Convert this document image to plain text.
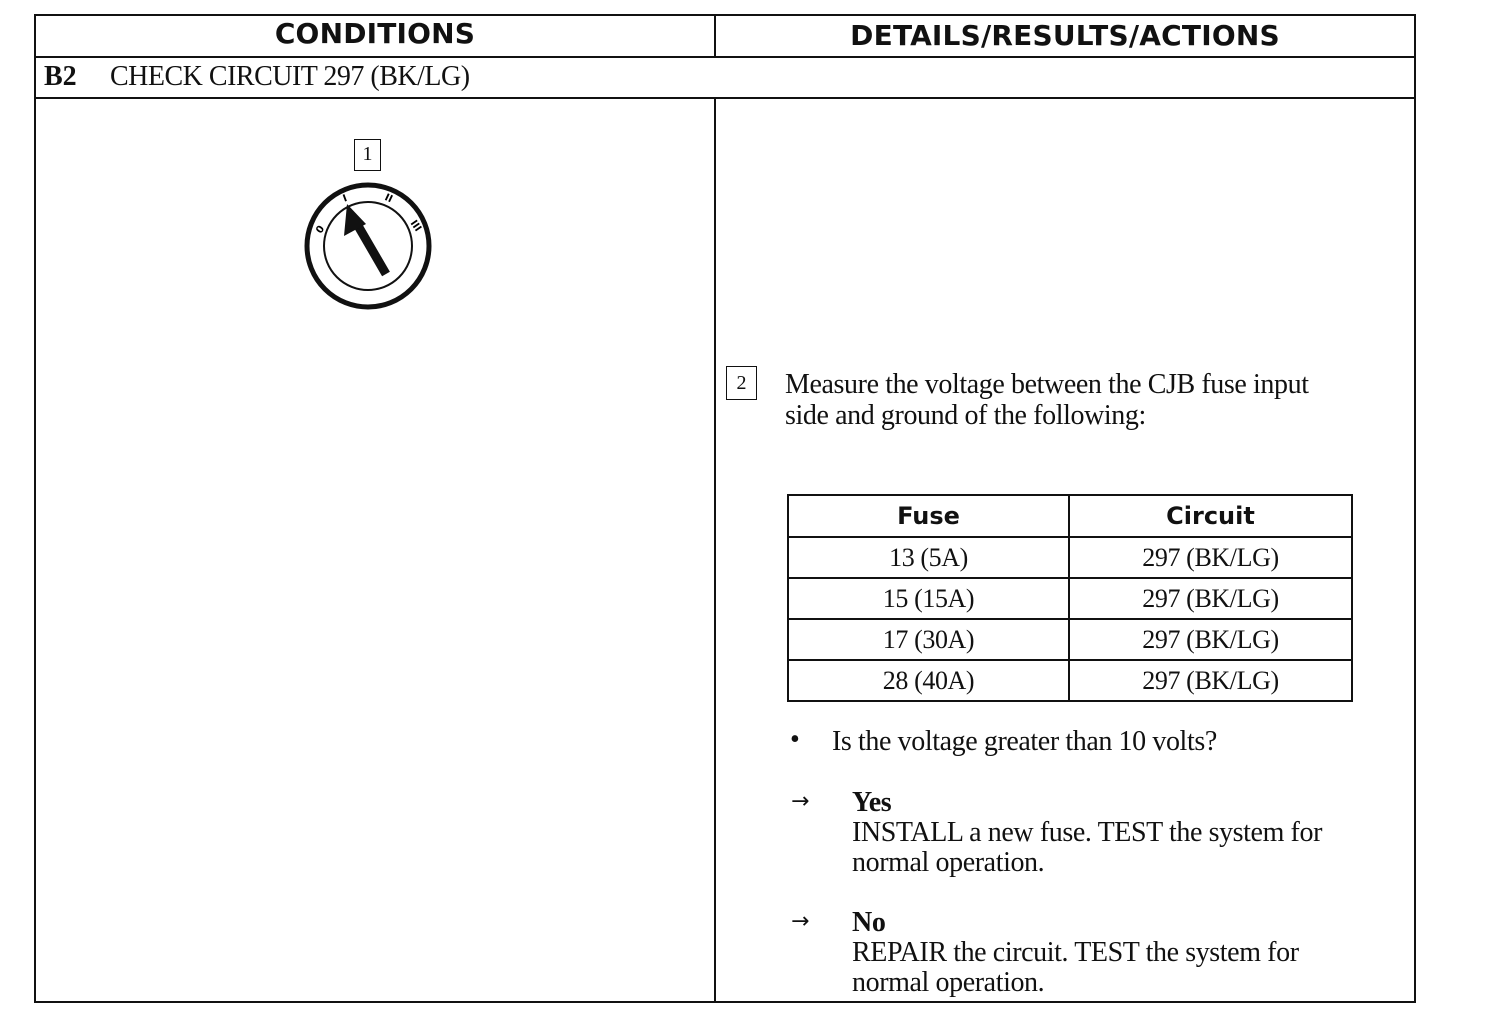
CONDITIONS	DETAILS/RESULTS/ACTIONS
B2 CHECK CIRCUIT 297 (BK/LG)
1
0
I	II
III
2	Measure the voltage between the CJB fuse input
side and ground of the following:
Fuse	Circuit
13 (5A)	297 (BK/LG)
15 (15A)	297 (BK/LG)
17 (30A)	297 (BK/LG)
28 (40A)	297 (BK/LG)
• Is the voltage greater than 10 volts?
→ Yes
INSTALL a new fuse. TEST the system for
normal operation.
→ No
REPAIR the circuit. TEST the system for
normal operation.
